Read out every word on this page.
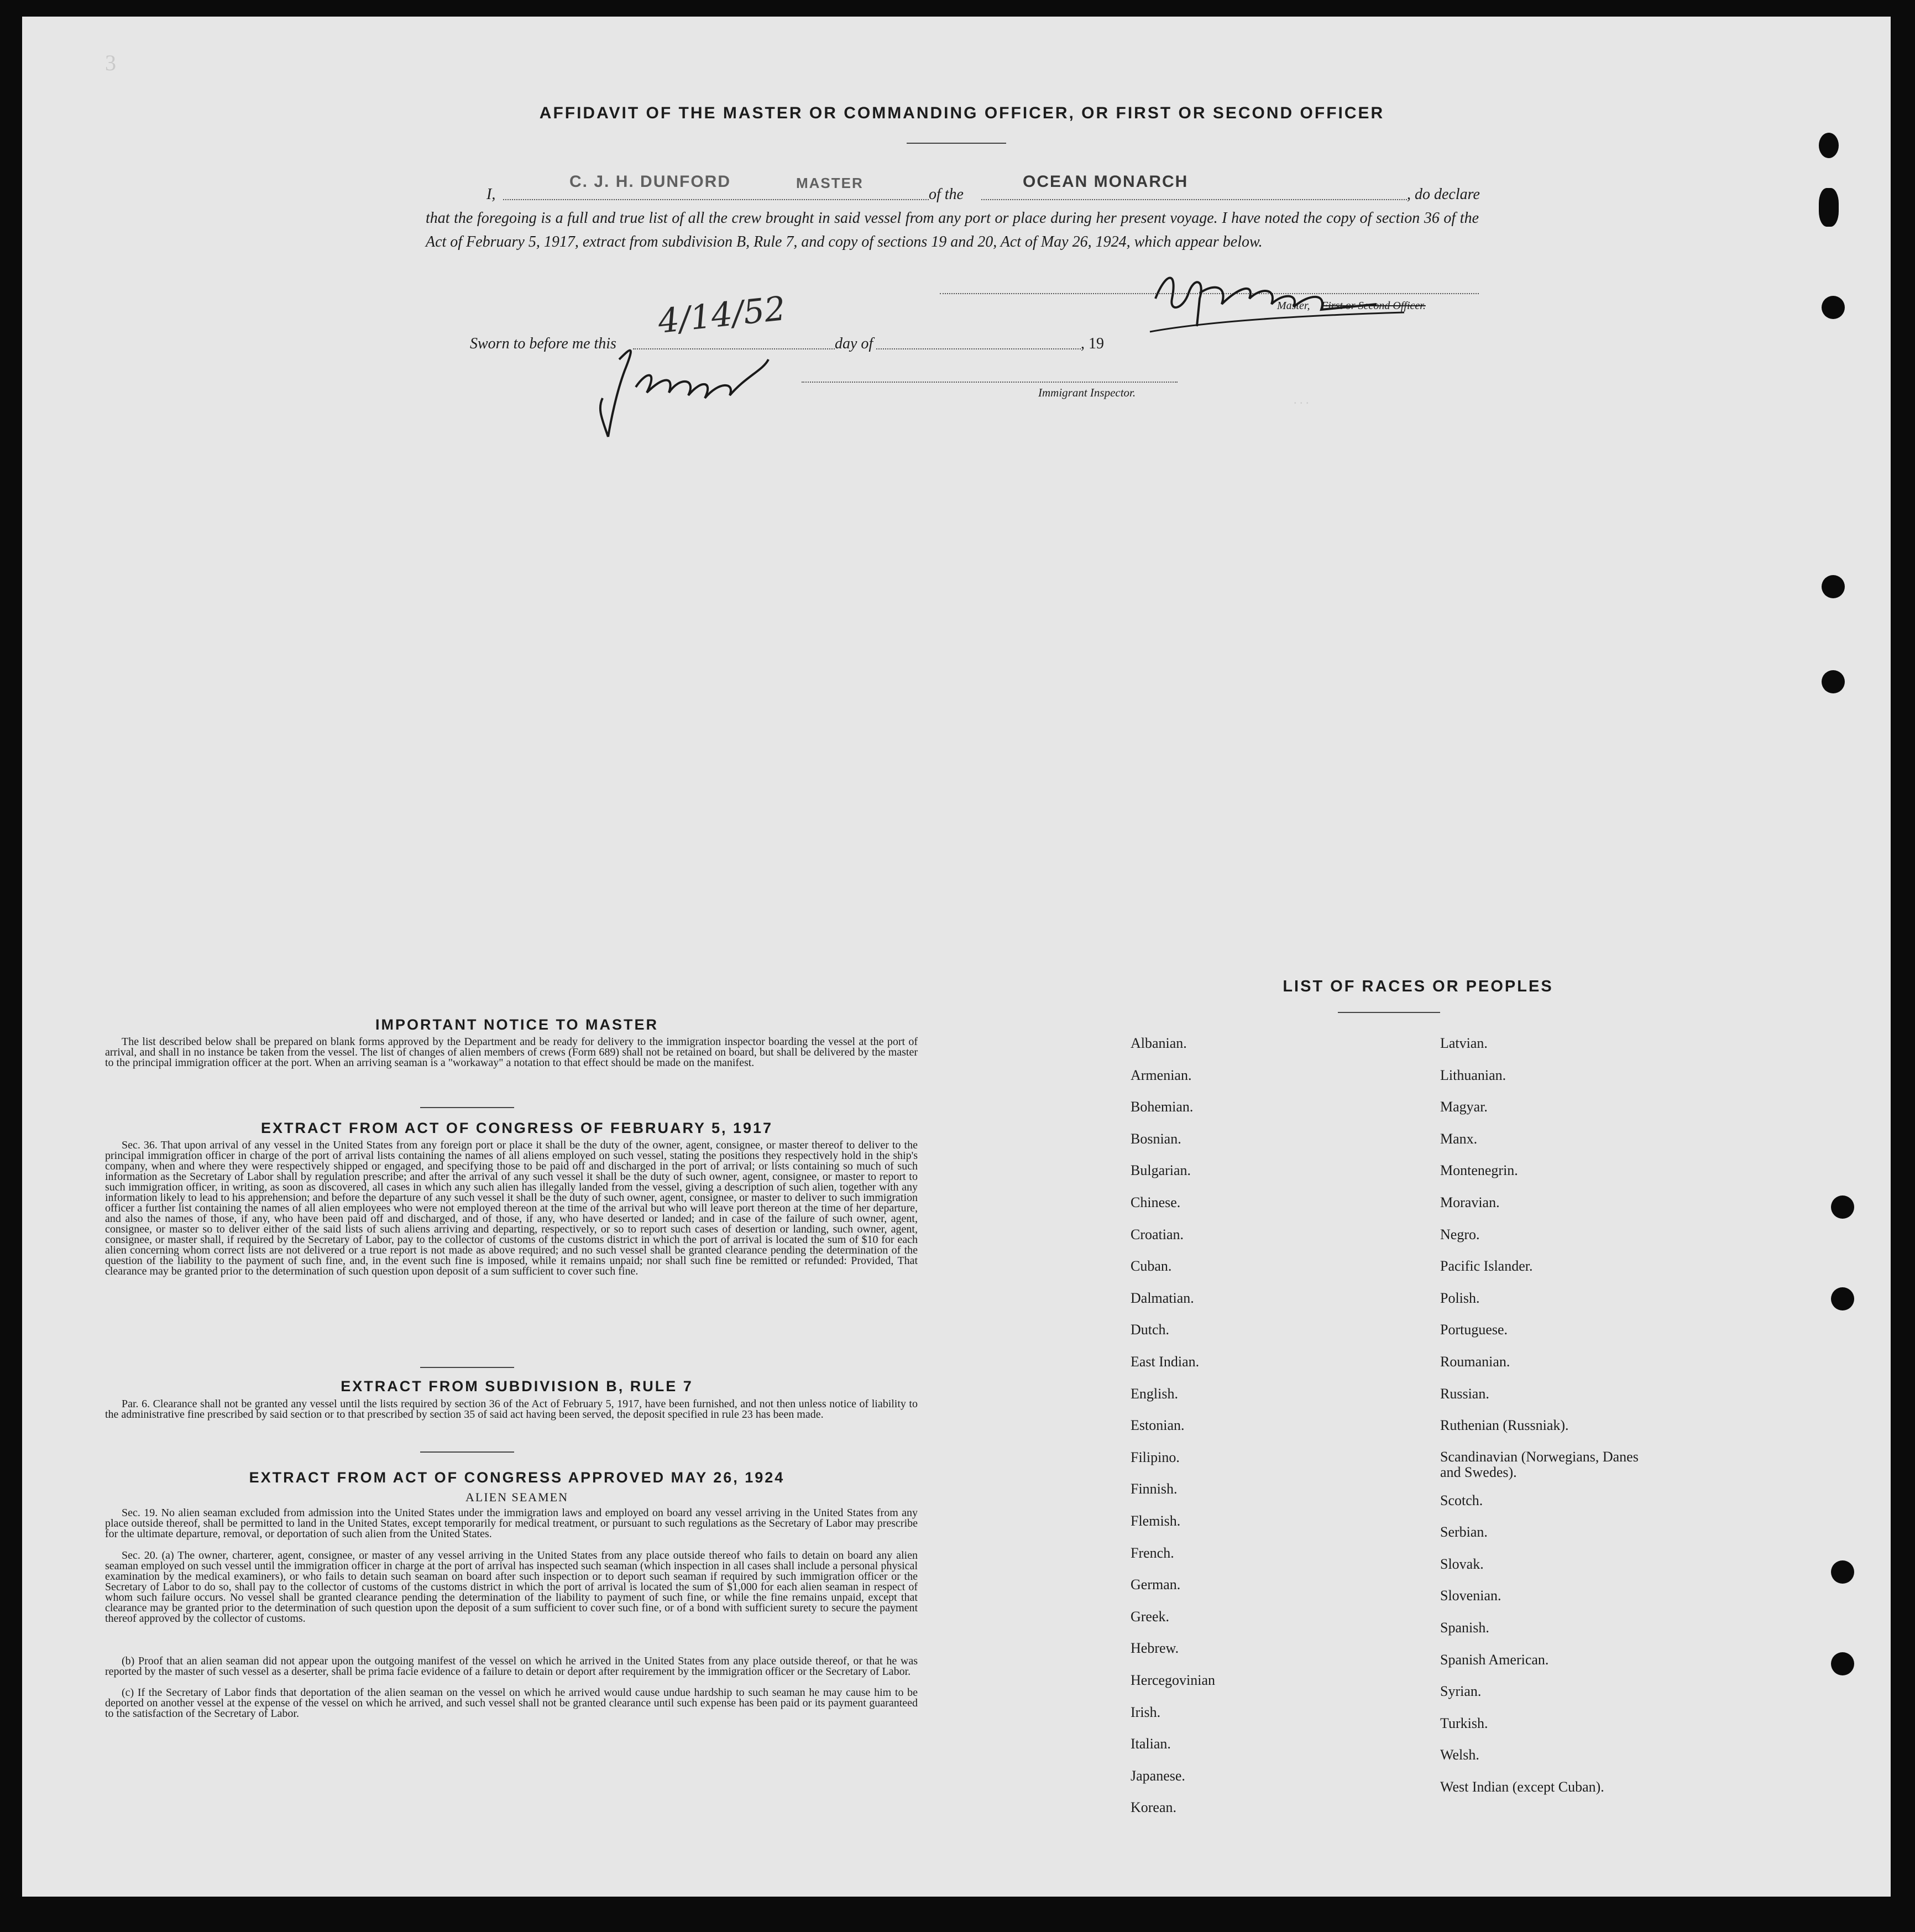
3
. . .
AFFIDAVIT OF THE MASTER OR COMMANDING OFFICER, OR FIRST OR SECOND OFFICER
I,
C. J. H. DUNFORD	MASTER
of the
OCEAN MONARCH
, do declare
that the foregoing is a full and true list of all the crew brought in said vessel from any port or place during her present voyage. I have noted the copy of section 36 of the Act of February 5, 1917, extract from subdivision B, Rule 7, and copy of sections 19 and 20, Act of May 26, 1924, which appear below.
Master, First or Second Officer.
Sworn to before me this
4/14/52
day of	, 19
Immigrant Inspector.
IMPORTANT NOTICE TO MASTER
The list described below shall be prepared on blank forms approved by the Department and be ready for delivery to the immigration inspector boarding the vessel at the port of arrival, and shall in no instance be taken from the vessel. The list of changes of alien members of crews (Form 689) shall not be retained on board, but shall be delivered by the master to the principal immigration officer at the port. When an arriving seaman is a "workaway" a notation to that effect should be made on the manifest.
EXTRACT FROM ACT OF CONGRESS OF FEBRUARY 5, 1917
Sec. 36. That upon arrival of any vessel in the United States from any foreign port or place it shall be the duty of the owner, agent, consignee, or master thereof to deliver to the principal immigration officer in charge of the port of arrival lists containing the names of all aliens employed on such vessel, stating the positions they respectively hold in the ship's company, when and where they were respectively shipped or engaged, and specifying those to be paid off and discharged in the port of arrival; or lists containing so much of such information as the Secretary of Labor shall by regulation prescribe; and after the arrival of any such vessel it shall be the duty of such owner, agent, consignee, or master to report to such immigration officer, in writing, as soon as discovered, all cases in which any such alien has illegally landed from the vessel, giving a description of such alien, together with any information likely to lead to his apprehension; and before the departure of any such vessel it shall be the duty of such owner, agent, consignee, or master to deliver to such immigration officer a further list containing the names of all alien employees who were not employed thereon at the time of the arrival but who will leave port thereon at the time of her departure, and also the names of those, if any, who have been paid off and discharged, and of those, if any, who have deserted or landed; and in case of the failure of such owner, agent, consignee, or master so to deliver either of the said lists of such aliens arriving and departing, respectively, or so to report such cases of desertion or landing, such owner, agent, consignee, or master shall, if required by the Secretary of Labor, pay to the collector of customs of the customs district in which the port of arrival is located the sum of $10 for each alien concerning whom correct lists are not delivered or a true report is not made as above required; and no such vessel shall be granted clearance pending the determination of the question of the liability to the payment of such fine, and, in the event such fine is imposed, while it remains unpaid; nor shall such fine be remitted or refunded: Provided, That clearance may be granted prior to the determination of such question upon deposit of a sum sufficient to cover such fine.
EXTRACT FROM SUBDIVISION B, RULE 7
Par. 6. Clearance shall not be granted any vessel until the lists required by section 36 of the Act of February 5, 1917, have been furnished, and not then unless notice of liability to the administrative fine prescribed by said section or to that prescribed by section 35 of said act having been served, the deposit specified in rule 23 has been made.
EXTRACT FROM ACT OF CONGRESS APPROVED MAY 26, 1924
ALIEN SEAMEN
Sec. 19. No alien seaman excluded from admission into the United States under the immigration laws and employed on board any vessel arriving in the United States from any place outside thereof, shall be permitted to land in the United States, except temporarily for medical treatment, or pursuant to such regulations as the Secretary of Labor may prescribe for the ultimate departure, removal, or deportation of such alien from the United States.
Sec. 20. (a) The owner, charterer, agent, consignee, or master of any vessel arriving in the United States from any place outside thereof who fails to detain on board any alien seaman employed on such vessel until the immigration officer in charge at the port of arrival has inspected such seaman (which inspection in all cases shall include a personal physical examination by the medical examiners), or who fails to detain such seaman on board after such inspection or to deport such seaman if required by such immigration officer or the Secretary of Labor to do so, shall pay to the collector of customs of the customs district in which the port of arrival is located the sum of $1,000 for each alien seaman in respect of whom such failure occurs. No vessel shall be granted clearance pending the determination of the liability to payment of such fine, or while the fine remains unpaid, except that clearance may be granted prior to the determination of such question upon the deposit of a sum sufficient to cover such fine, or of a bond with sufficient surety to secure the payment thereof approved by the collector of customs.
(b) Proof that an alien seaman did not appear upon the outgoing manifest of the vessel on which he arrived in the United States from any place outside thereof, or that he was reported by the master of such vessel as a deserter, shall be prima facie evidence of a failure to detain or deport after requirement by the immigration officer or the Secretary of Labor.
(c) If the Secretary of Labor finds that deportation of the alien seaman on the vessel on which he arrived would cause undue hardship to such seaman he may cause him to be deported on another vessel at the expense of the vessel on which he arrived, and such vessel shall not be granted clearance until such expense has been paid or its payment guaranteed to the satisfaction of the Secretary of Labor.
LIST OF RACES OR PEOPLES
Albanian.
Armenian.
Bohemian.
Bosnian.
Bulgarian.
Chinese.
Croatian.
Cuban.
Dalmatian.
Dutch.
East Indian.
English.
Estonian.
Filipino.
Finnish.
Flemish.
French.
German.
Greek.
Hebrew.
Hercegovinian
Irish.
Italian.
Japanese.
Korean.
Latvian.
Lithuanian.
Magyar.
Manx.
Montenegrin.
Moravian.
Negro.
Pacific Islander.
Polish.
Portuguese.
Roumanian.
Russian.
Ruthenian (Russniak).
Scandinavian (Norwegians, Danes and Swedes).
Scotch.
Serbian.
Slovak.
Slovenian.
Spanish.
Spanish American.
Syrian.
Turkish.
Welsh.
West Indian (except Cuban).
